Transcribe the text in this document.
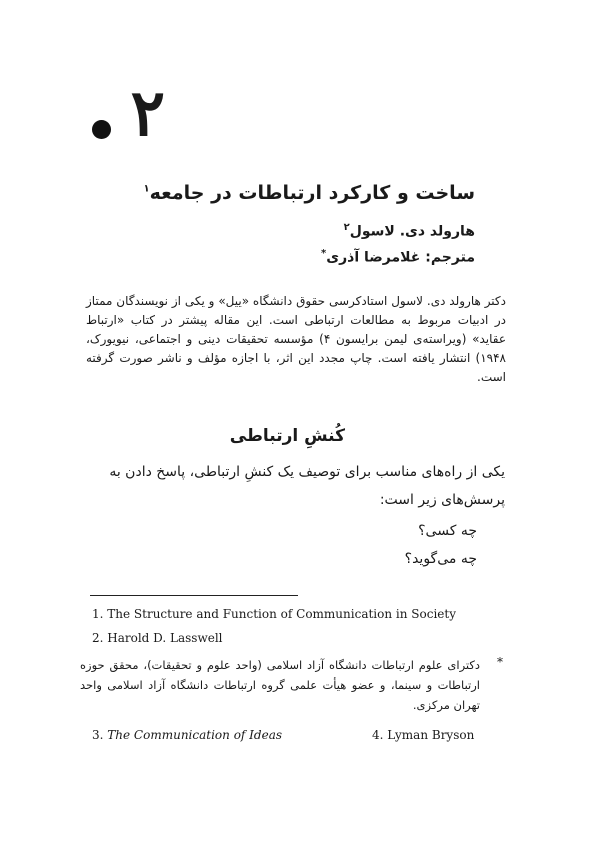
۲
ساخت و کارکرد ارتباطات در جامعه$^۱$
هارولد دی. لاسول$^۲$
مترجم: غلامرضا آذری*

دکتر هارولد دی. لاسول استادکرسی حقوق دانشگاه «ییل» و یکی از نویسندگان ممتاز در ادبیات مربوط به مطالعات ارتباطی است. این مقاله پیشتر در کتاب «ارتباط عقاید» (ویراسته‌ی لیمن برایسون ۴) مؤسسه تحقیقات دینی و اجتماعی، نیویورک، ۱۹۴۸) انتشار یافته است. چاپ مجدد این اثر، با اجازه مؤلف و ناشر صورت گرفته است.

کُنشِ ارتباطی

یکی از راه‌های مناسب برای توصیف یک کنشِ ارتباطی، پاسخ دادن به پرسش‌های زیر است:

چه کسی؟
چه می‌گوید؟
1. The Structure and Function of Communication in Society
2. Harold D. Lasswell
*

دکترای علوم ارتباطات دانشگاه آزاد اسلامی (واحد علوم و تحقیقات)، محقق حوزه ارتباطات و سینما، و عضو هیأت علمی گروه ارتباطات دانشگاه آزاد اسلامی واحد تهران مرکزی.

3. The Communication of Ideas	4. Lyman Bryson
